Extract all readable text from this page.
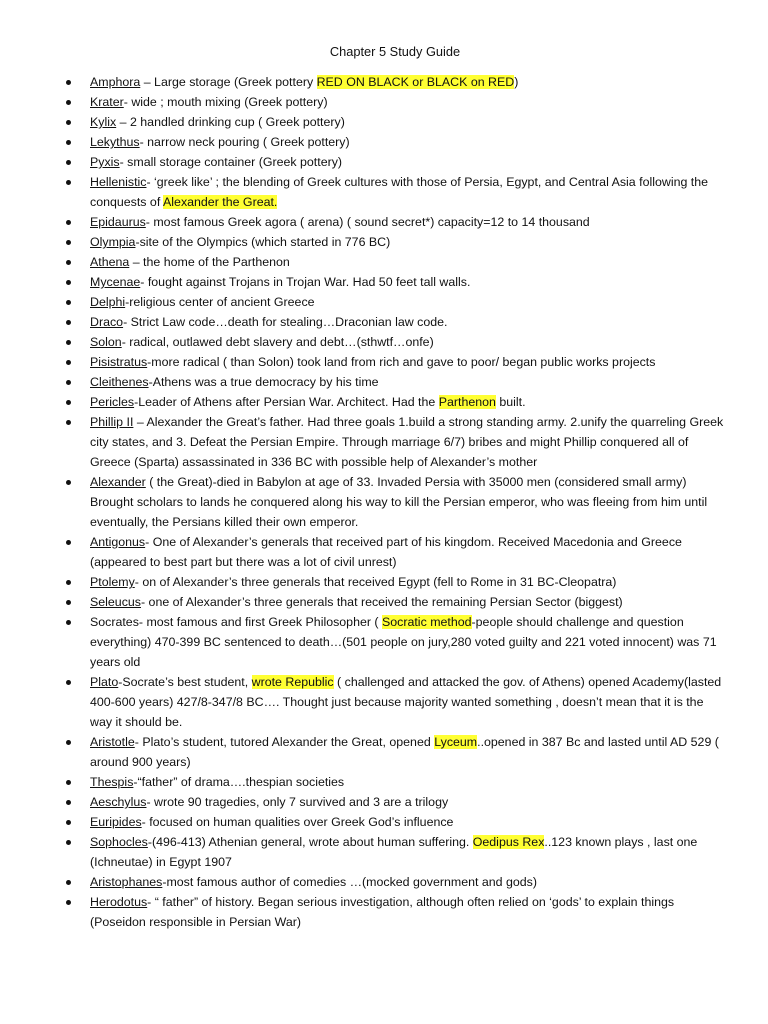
Chapter 5 Study Guide
Amphora – Large storage (Greek pottery RED ON BLACK or BLACK on RED)
Krater- wide ; mouth mixing (Greek pottery)
Kylix – 2 handled drinking cup ( Greek pottery)
Lekythus- narrow neck pouring ( Greek pottery)
Pyxis- small storage container (Greek pottery)
Hellenistic- ‘greek like’ ; the blending of Greek cultures with those of Persia, Egypt, and Central Asia following the conquests of Alexander the Great.
Epidaurus- most famous Greek agora ( arena) ( sound secret*) capacity=12 to 14 thousand
Olympia-site of the Olympics (which started in 776 BC)
Athena – the home of the Parthenon
Mycenae- fought against Trojans in Trojan War. Had 50 feet tall walls.
Delphi-religious center of ancient Greece
Draco- Strict Law code…death for stealing…Draconian law code.
Solon- radical, outlawed debt slavery and debt…(sthwtf…onfe)
Pisistratus-more radical ( than Solon) took land from rich and gave to poor/ began public works projects
Cleithenes-Athens was a true democracy by his time
Pericles-Leader of Athens after Persian War. Architect. Had the Parthenon built.
Phillip II – Alexander the Great’s father. Had three goals 1.build a strong standing army. 2.unify the quarreling Greek city states, and 3. Defeat the Persian Empire. Through marriage 6/7) bribes and might Phillip conquered all of Greece (Sparta) assassinated in 336 BC with possible help of Alexander’s mother
Alexander ( the Great)-died in Babylon at age of 33. Invaded Persia with 35000 men (considered small army) Brought scholars to lands he conquered along his way to kill the Persian emperor, who was fleeing from him until eventually, the Persians killed their own emperor.
Antigonus- One of Alexander’s generals that received part of his kingdom. Received Macedonia and Greece (appeared to best part but there was a lot of civil unrest)
Ptolemy- on of Alexander’s three generals that received Egypt (fell to Rome in 31 BC-Cleopatra)
Seleucus- one of Alexander’s three generals that received the remaining Persian Sector (biggest)
Socrates- most famous and first Greek Philosopher ( Socratic method-people should challenge and question everything) 470-399 BC sentenced to death…(501 people on jury,280 voted guilty and 221 voted innocent) was 71 years old
Plato-Socrate’s best student, wrote Republic ( challenged and attacked the gov. of Athens) opened Academy(lasted 400-600 years) 427/8-347/8 BC…. Thought just because majority wanted something , doesn’t mean that it is the way it should be.
Aristotle- Plato’s student, tutored Alexander the Great, opened Lyceum..opened in 387 Bc and lasted until AD 529 ( around 900 years)
Thespis-“father” of drama….thespian societies
Aeschylus- wrote 90 tragedies, only 7 survived and 3 are a trilogy
Euripides- focused on human qualities over Greek God’s influence
Sophocles-(496-413) Athenian general, wrote about human suffering. Oedipus Rex..123 known plays , last one (Ichneutae) in Egypt 1907
Aristophanes-most famous author of comedies …(mocked government and gods)
Herodotus- “ father” of history. Began serious investigation, although often relied on ‘gods’ to explain things (Poseidon responsible in Persian War)
